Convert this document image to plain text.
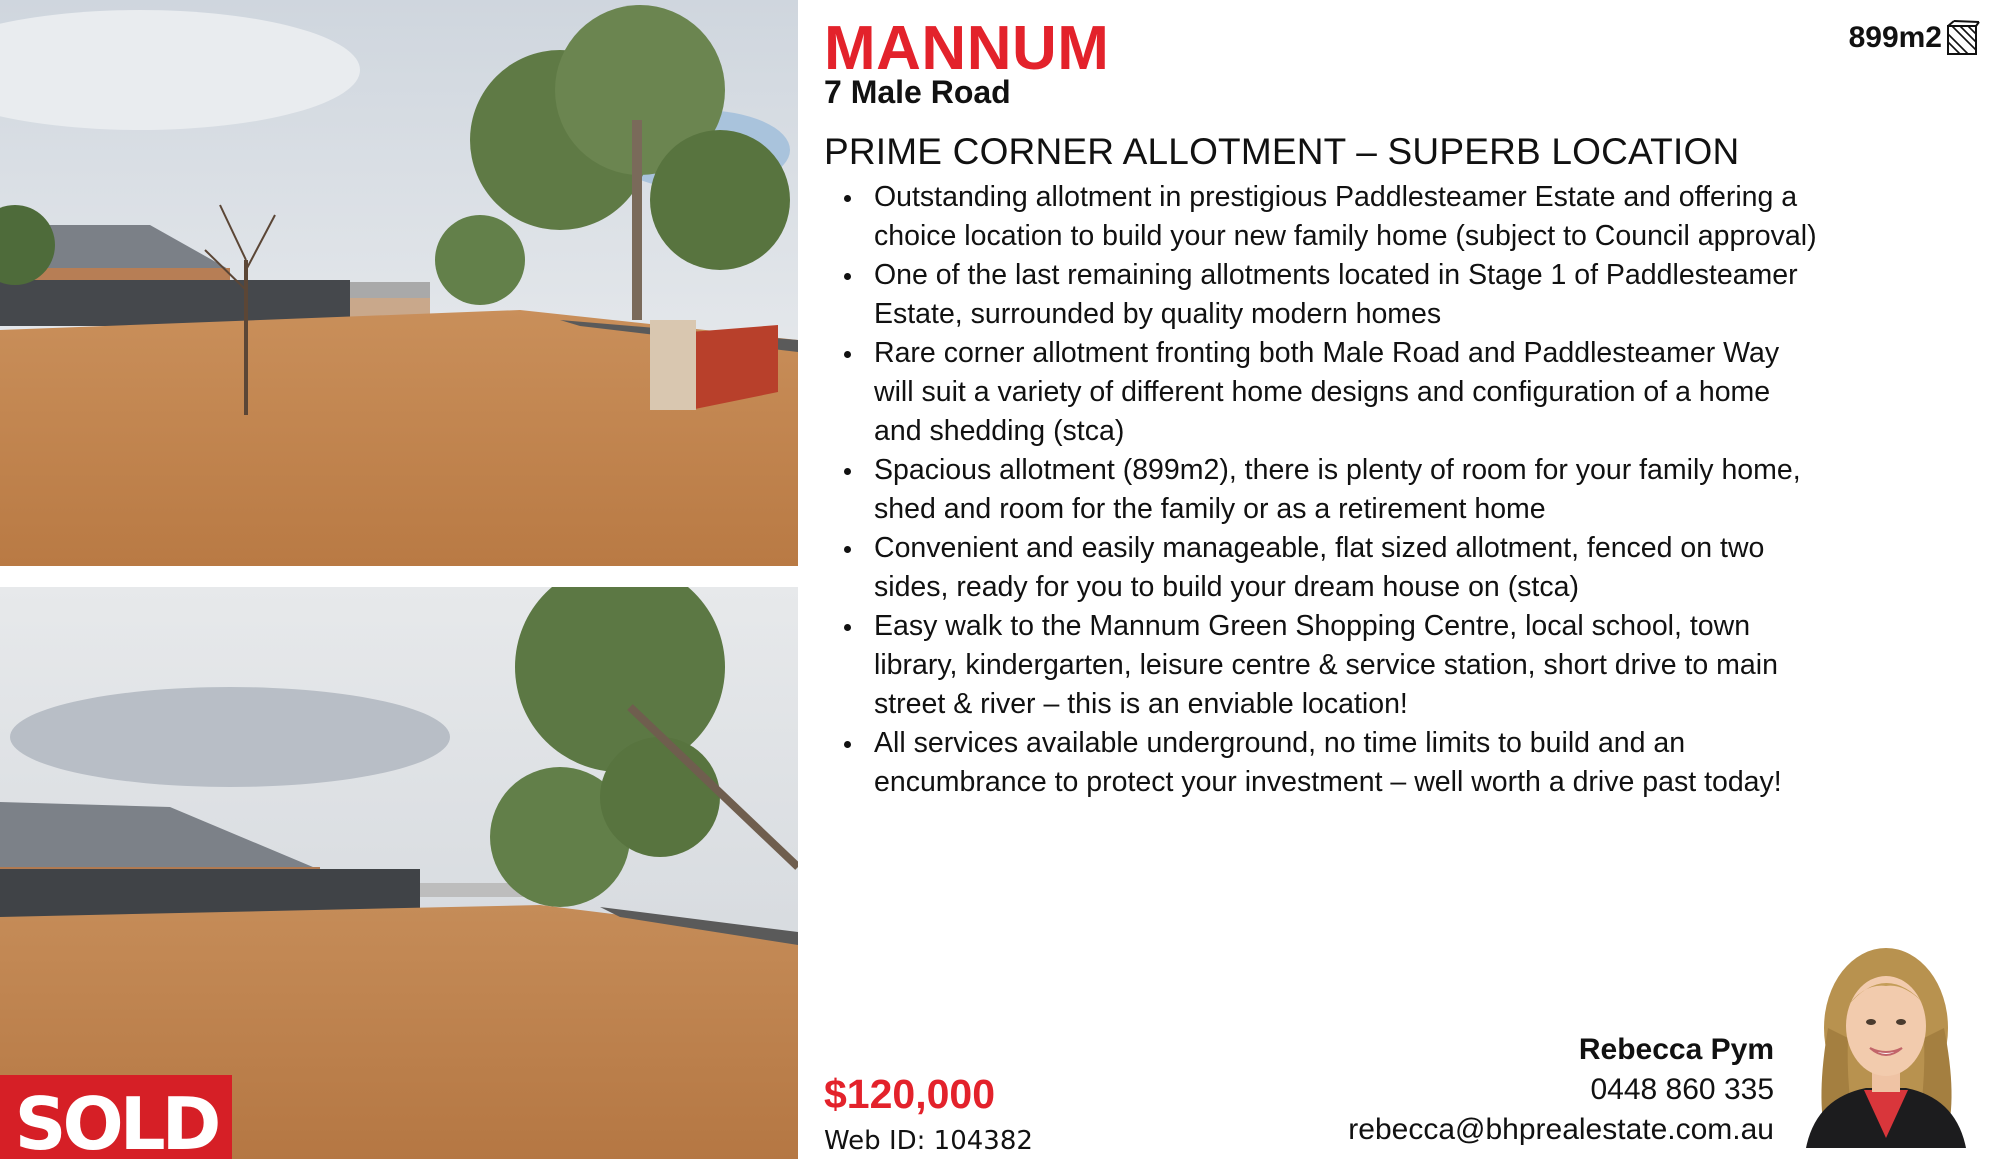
SOLD
MANNUM
7 Male Road
899m2
PRIME CORNER ALLOTMENT – SUPERB LOCATION
Outstanding allotment in prestigious Paddlesteamer Estate and offering a choice location to build your new family home (subject to Council approval)
One of the last remaining allotments located in Stage 1 of Paddlesteamer Estate, surrounded by quality modern homes
Rare corner allotment fronting both Male Road and Paddlesteamer Way will suit a variety of different home designs and configuration of a home and shedding (stca)
Spacious allotment (899m2), there is plenty of room for your family home, shed and room for the family or as a retirement home
Convenient and easily manageable, flat sized allotment, fenced on two sides, ready for you to build your dream house on (stca)
Easy walk to the Mannum Green Shopping Centre, local school, town library, kindergarten, leisure centre & service station, short drive to main street & river – this is an enviable location!
All services available underground, no time limits to build and an encumbrance to protect your investment – well worth a drive past today!
$120,000
Web ID: 104382
Rebecca Pym
0448 860 335
rebecca@bhprealestate.com.au
